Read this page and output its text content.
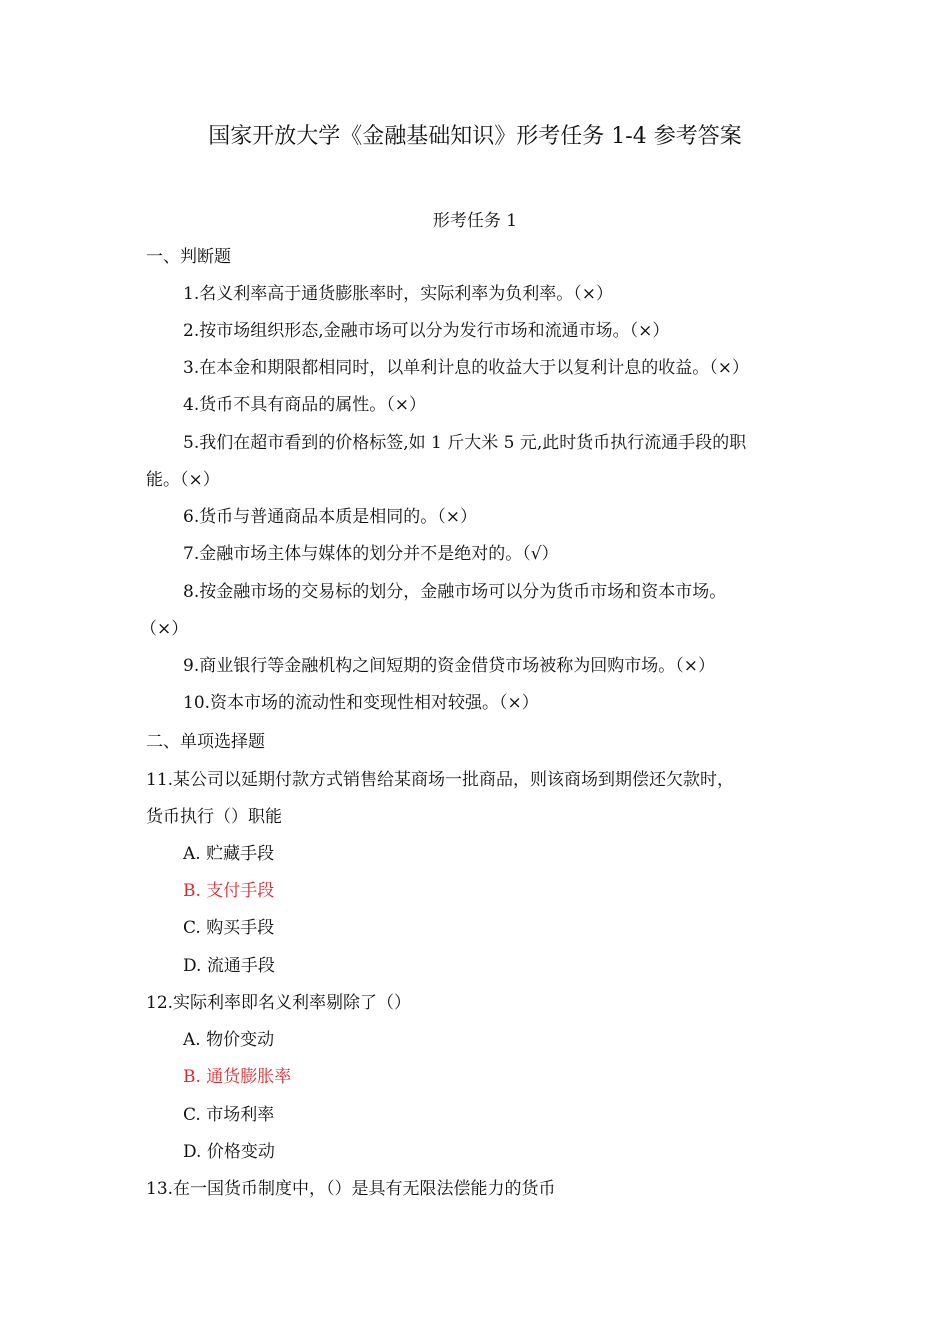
国家开放大学《金融基础知识》形考任务 1-4 参考答案
形考任务 1
一、判断题
1.名义利率高于通货膨胀率时，实际利率为负利率。（×）
2.按市场组织形态,金融市场可以分为发行市场和流通市场。（×）
3.在本金和期限都相同时，以单利计息的收益大于以复利计息的收益。（×）
4.货币不具有商品的属性。（×）
5.我们在超市看到的价格标签,如 1 斤大米 5 元,此时货币执行流通手段的职
能。（×）
6.货币与普通商品本质是相同的。（×）
7.金融市场主体与媒体的划分并不是绝对的。（√）
8.按金融市场的交易标的划分，金融市场可以分为货币市场和资本市场。
（×）
9.商业银行等金融机构之间短期的资金借贷市场被称为回购市场。（×）
10.资本市场的流动性和变现性相对较强。（×）
二、单项选择题
11.某公司以延期付款方式销售给某商场一批商品，则该商场到期偿还欠款时，
货币执行（）职能
A. 贮藏手段
B. 支付手段
C. 购买手段
D. 流通手段
12.实际利率即名义利率剔除了（）
A. 物价变动
B. 通货膨胀率
C. 市场利率
D. 价格变动
13.在一国货币制度中，（）是具有无限法偿能力的货币
